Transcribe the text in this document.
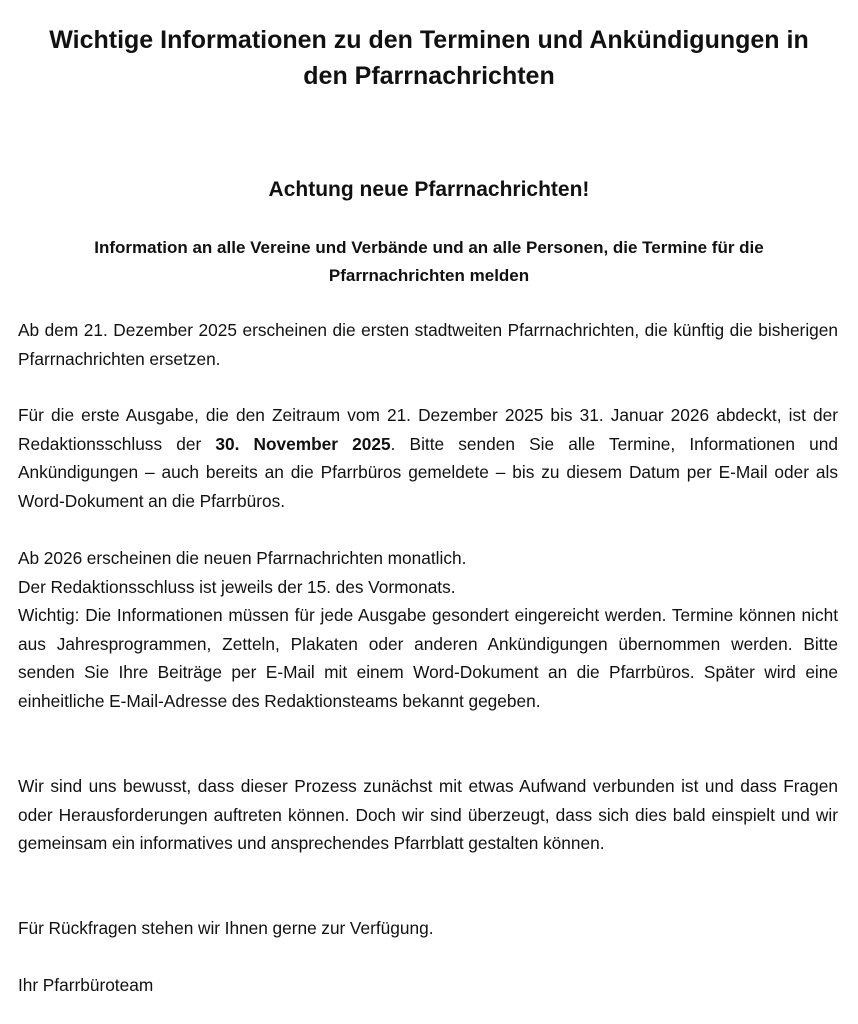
Wichtige Informationen zu den Terminen und Ankündigungen in den Pfarrnachrichten
Achtung neue Pfarrnachrichten!

Information an alle Vereine und Verbände und an alle Personen, die Termine für die Pfarrnachrichten melden

Ab dem 21. Dezember 2025 erscheinen die ersten stadtweiten Pfarrnachrichten, die künftig die bisherigen Pfarrnachrichten ersetzen.

Für die erste Ausgabe, die den Zeitraum vom 21. Dezember 2025 bis 31. Januar 2026 abdeckt, ist der Redaktionsschluss der 30. November 2025. Bitte senden Sie alle Termine, Informationen und Ankündigungen – auch bereits an die Pfarrbüros gemeldete – bis zu diesem Datum per E-Mail oder als Word-Dokument an die Pfarrbüros.

Ab 2026 erscheinen die neuen Pfarrnachrichten monatlich.
Der Redaktionsschluss ist jeweils der 15. des Vormonats.
Wichtig: Die Informationen müssen für jede Ausgabe gesondert eingereicht werden. Termine können nicht aus Jahresprogrammen, Zetteln, Plakaten oder anderen Ankündigungen übernommen werden. Bitte senden Sie Ihre Beiträge per E-Mail mit einem Word-Dokument an die Pfarrbüros. Später wird eine einheitliche E-Mail-Adresse des Redaktionsteams bekannt gegeben.

Wir sind uns bewusst, dass dieser Prozess zunächst mit etwas Aufwand verbunden ist und dass Fragen oder Herausforderungen auftreten können. Doch wir sind überzeugt, dass sich dies bald einspielt und wir gemeinsam ein informatives und ansprechendes Pfarrblatt gestalten können.

Für Rückfragen stehen wir Ihnen gerne zur Verfügung.

Ihr Pfarrbüroteam
